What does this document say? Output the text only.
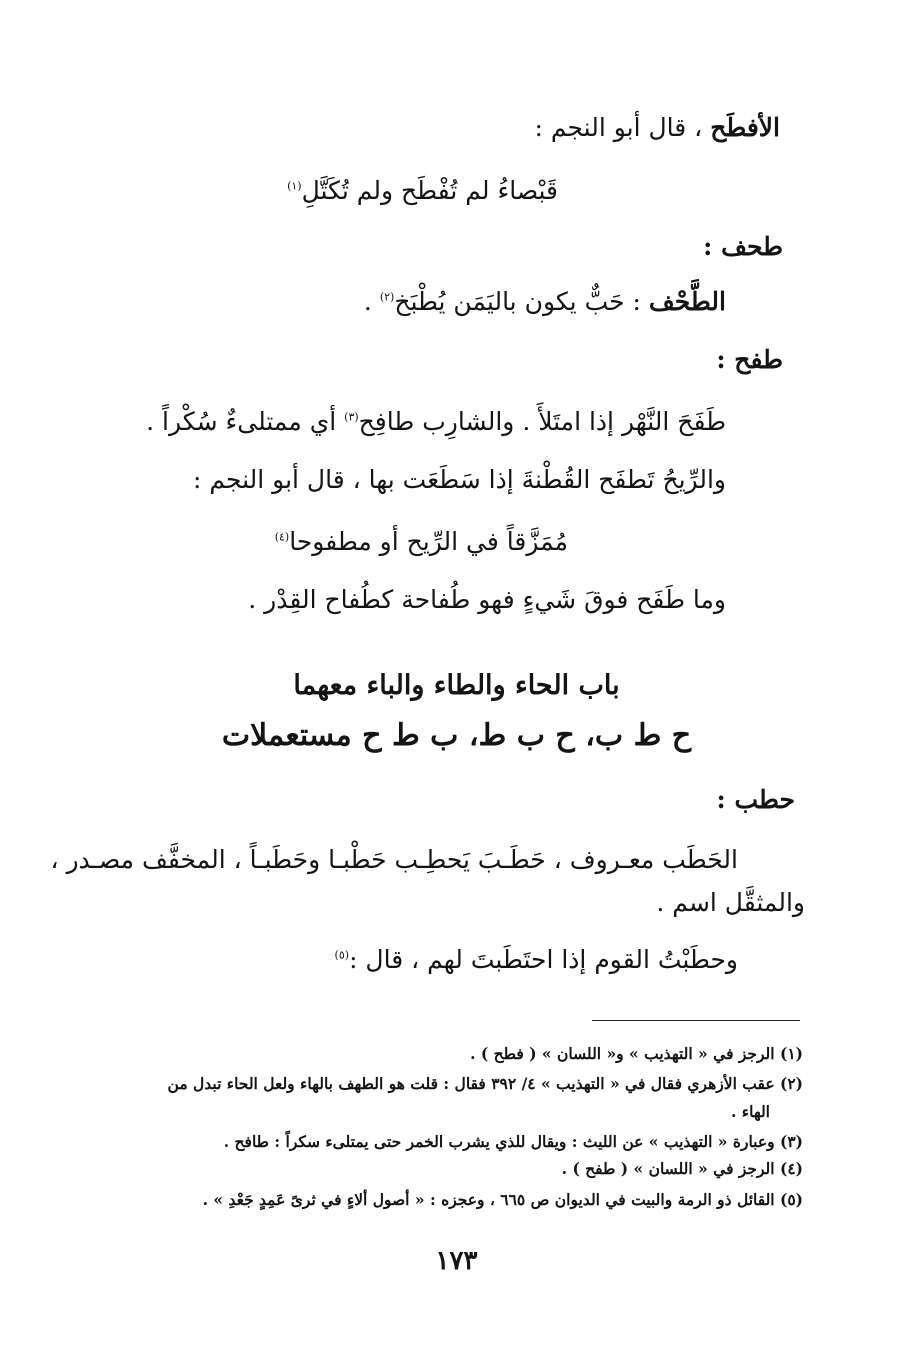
الأفطَح ، قال أبو النجم :
قَبْصاءُ لم تُفْطَح ولم تُكَتَّلِ$^{(١)}$
طحف :
الطَّحْف : حَبٌّ يكون باليَمَن يُطْبَخ$^{(٢)}$ .
طفح :
طَفَحَ النَّهْر إذا امتَلأَ . والشارِب طافِح$^{(٣)}$ أي ممتلىءٌ سُكْراً .
والرِّيحُ تَطفَح القُطْنةَ إذا سَطَعَت بها ، قال أبو النجم :
مُمَزَّقاً في الرِّيح أو مطفوحا$^{(٤)}$
وما طَفَح فوقَ شَيءٍ فهو طُفاحة كطُفاح القِدْر .
باب الحاء والطاء والباء معهما
ح ط ب، ح ب ط، ب ط ح مستعملات
حطب :
الحَطَب معـروف ، حَطَـبَ يَحطِـب حَطْبـا وحَطَبـاً ، المخفَّف مصـدر ،
والمثقَّل اسم .
وحطَبْتُ القوم إذا احتَطَبتَ لهم ، قال :$^{(٥)}$
(١) الرجز في « التهذيب » و« اللسان » ( فطح ) .
(٢) عقب الأزهري فقال في « التهذيب » ٤/ ٣٩٢ فقال : قلت هو الطهف بالهاء ولعل الحاء تبدل من
الهاء .
(٣) وعبارة « التهذيب » عن الليث : ويقال للذي يشرب الخمر حتى يمتلىء سكراً : طافح .
(٤) الرجز في « اللسان » ( طفح ) .
(٥) القائل ذو الرمة والبيت في الديوان ص ٦٦٥ ، وعجزه : « أصول ألاءٍ في ثرىً عَمِدٍ جَعْدِ » .
١٧٣
